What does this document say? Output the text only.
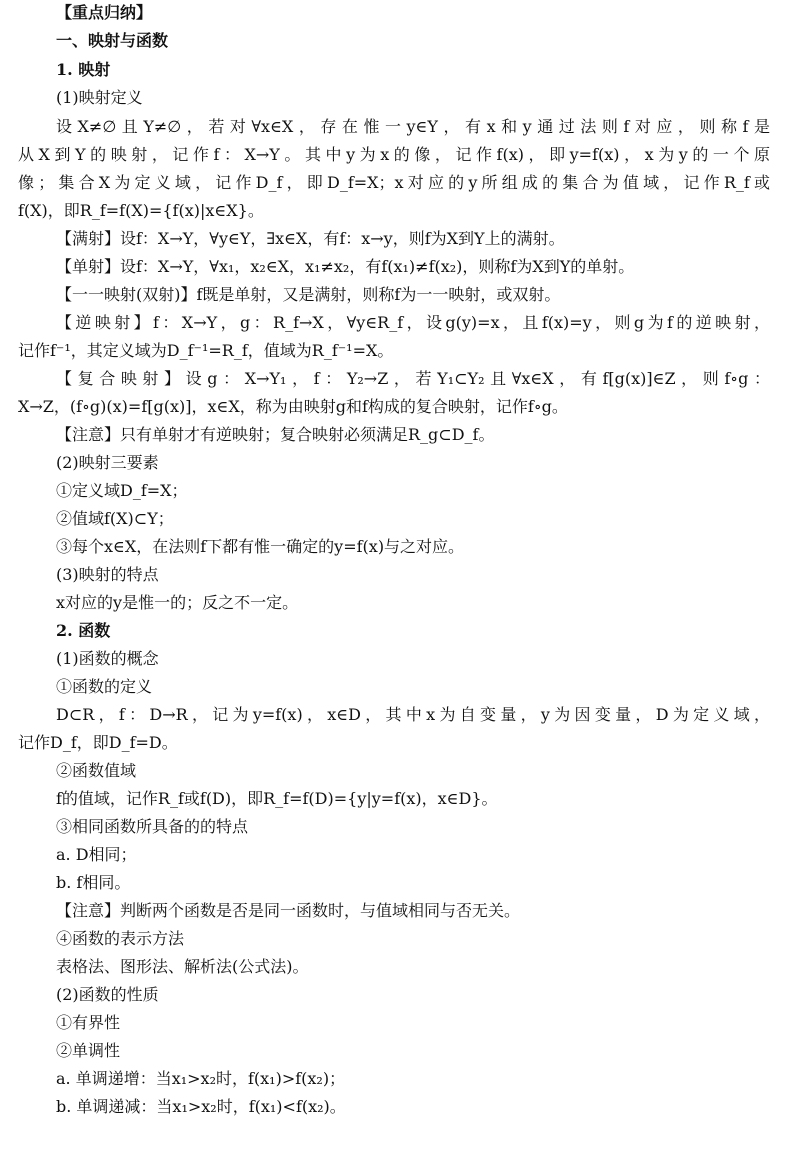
【重点归纳】
一、映射与函数
1. 映射
(1)映射定义
设X≠∅且Y≠∅，若对∀x∈X，存在惟一y∈Y，有x和y通过法则f对应，则称f是
从X到Y的映射，记作f：X→Y。其中y为x的像，记作f(x)，即y=f(x)，x为y的一个原
像；集合X为定义域，记作D_f，即D_f=X；x对应的y所组成的集合为值域，记作R_f或
f(X)，即R_f=f(X)={f(x)|x∈X}。
【满射】设f：X→Y，∀y∈Y，∃x∈X，有f：x→y，则f为X到Y上的满射。
【单射】设f：X→Y，∀x₁，x₂∈X，x₁≠x₂，有f(x₁)≠f(x₂)，则称f为X到Y的单射。
【一一映射(双射)】f既是单射，又是满射，则称f为一一映射，或双射。
【逆映射】f：X→Y，g：R_f→X，∀y∈R_f，设g(y)=x，且f(x)=y，则g为f的逆映射，
记作f⁻¹，其定义域为D_f⁻¹=R_f，值域为R_f⁻¹=X。
【复合映射】设g：X→Y₁，f：Y₂→Z，若Y₁⊂Y₂且∀x∈X，有f[g(x)]∈Z，则f∘g：
X→Z，(f∘g)(x)=f[g(x)]，x∈X，称为由映射g和f构成的复合映射，记作f∘g。
【注意】只有单射才有逆映射；复合映射必须满足R_g⊂D_f。
(2)映射三要素
①定义域D_f=X；
②值域f(X)⊂Y；
③每个x∈X，在法则f下都有惟一确定的y=f(x)与之对应。
(3)映射的特点
x对应的y是惟一的；反之不一定。
2. 函数
(1)函数的概念
①函数的定义
D⊂R，f：D→R，记为y=f(x)，x∈D，其中x为自变量，y为因变量，D为定义域，
记作D_f，即D_f=D。
②函数值域
f的值域，记作R_f或f(D)，即R_f=f(D)={y|y=f(x)，x∈D}。
③相同函数所具备的的特点
a. D相同；
b. f相同。
【注意】判断两个函数是否是同一函数时，与值域相同与否无关。
④函数的表示方法
表格法、图形法、解析法(公式法)。
(2)函数的性质
①有界性
②单调性
a. 单调递增：当x₁>x₂时，f(x₁)>f(x₂)；
b. 单调递减：当x₁>x₂时，f(x₁)<f(x₂)。
